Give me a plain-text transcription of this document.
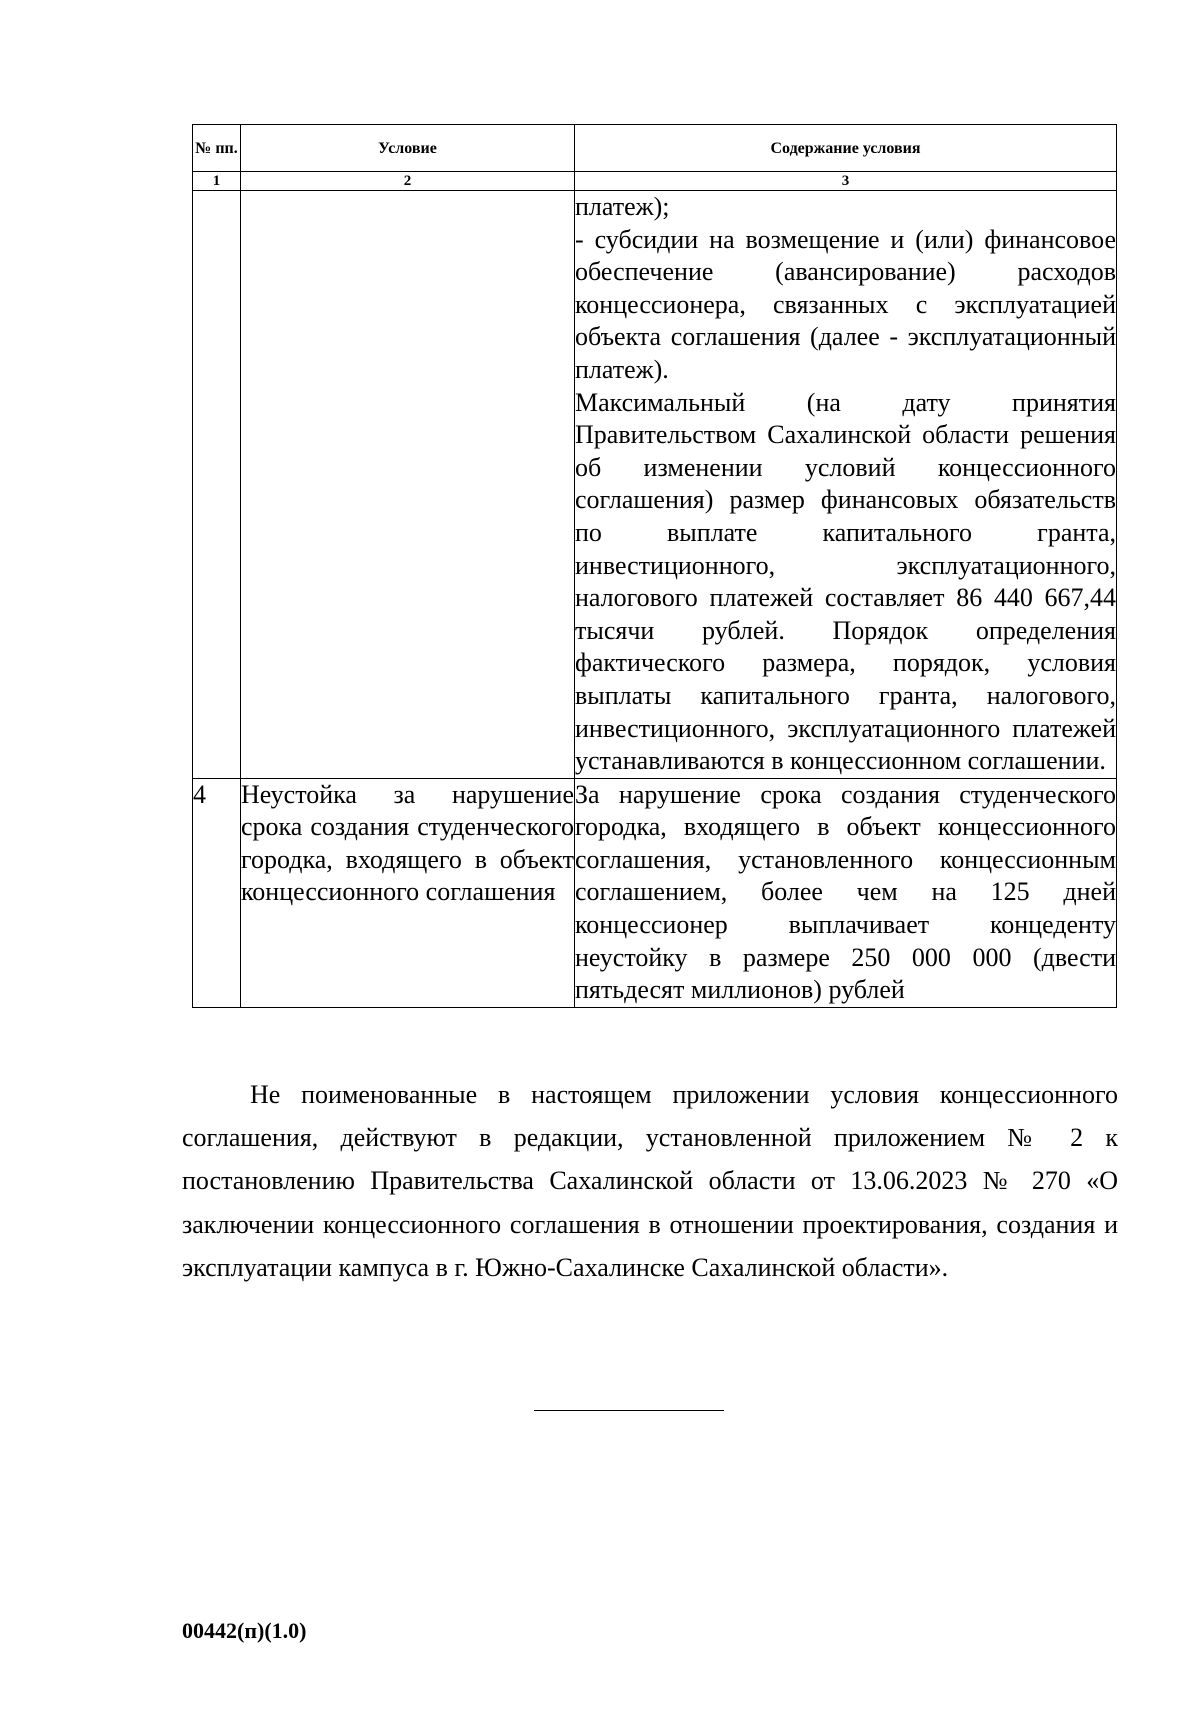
№ пп.	Условие	Содержание условия
1	2	3

		платеж);
- субсидии на возмещение и (или) финансовое обеспечение (авансирование) расходов концессионера, связанных с эксплуатацией объекта соглашения (далее - эксплуатационный платеж).
Максимальный (на дату принятия Правительством Сахалинской области решения об изменении условий концессионного соглашения) размер финансовых обязательств по выплате капитального гранта, инвестиционного, эксплуатационного, налогового платежей составляет 86 440 667,44 тысячи рублей. Порядок определения фактического размера, порядок, условия выплаты капитального гранта, налогового, инвестиционного, эксплуатационного платежей устанавливаются в концессионном соглашении.

4	Неустойка за нарушение срока создания студенческого городка, входящего в объект концессионного соглашения	За нарушение срока создания студенческого городка, входящего в объект концессионного соглашения, установленного концессионным соглашением, более чем на 125 дней концессионер выплачивает концеденту неустойку в размере 250 000 000 (двести пятьдесят миллионов) рублей

Не поименованные в настоящем приложении условия концессионного соглашения, действуют в редакции, установленной приложением № 2 к постановлению Правительства Сахалинской области от 13.06.2023 № 270 «О заключении концессионного соглашения в отношении проектирования, создания и эксплуатации кампуса в г. Южно-Сахалинске Сахалинской области».

00442(п)(1.0)
